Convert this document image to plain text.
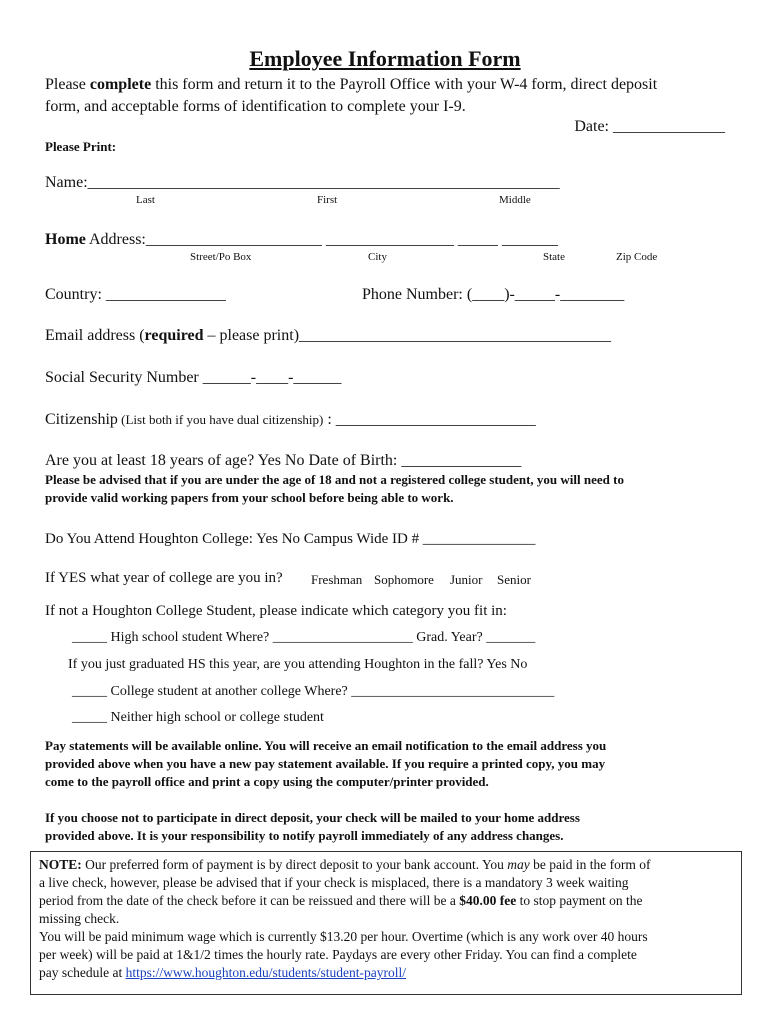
Employee Information Form
Please complete this form and return it to the Payroll Office with your W-4 form, direct deposit
form, and acceptable forms of identification to complete your I-9.
Date: ______________
Please Print:
Name:___________________________________________________________
Last	First	Middle
Home Address:______________________ ________________ _____ _______
Street/Po Box	City	State	Zip Code
Country: _______________	Phone Number: (____)-_____-________
Email address (required – please print)_______________________________________
Social Security Number ______-____-______
Citizenship (List both if you have dual citizenship) : _________________________
Are you at least 18 years of age? Yes No Date of Birth: _______________
Please be advised that if you are under the age of 18 and not a registered college student, you will need to
provide valid working papers from your school before being able to work.
Do You Attend Houghton College: Yes No Campus Wide ID # _______________
If YES what year of college are you in? Freshman Sophomore Junior Senior
If not a Houghton College Student, please indicate which category you fit in:
_____ High school student Where? ____________________ Grad. Year? _______
If you just graduated HS this year, are you attending Houghton in the fall? Yes No
_____ College student at another college Where? _____________________________
_____ Neither high school or college student
Pay statements will be available online. You will receive an email notification to the email address you
provided above when you have a new pay statement available. If you require a printed copy, you may
come to the payroll office and print a copy using the computer/printer provided.
If you choose not to participate in direct deposit, your check will be mailed to your home address
provided above. It is your responsibility to notify payroll immediately of any address changes.
NOTE: Our preferred form of payment is by direct deposit to your bank account. You may be paid in the form of
a live check, however, please be advised that if your check is misplaced, there is a mandatory 3 week waiting
period from the date of the check before it can be reissued and there will be a $40.00 fee to stop payment on the
missing check.
You will be paid minimum wage which is currently $13.20 per hour. Overtime (which is any work over 40 hours
per week) will be paid at 1&1/2 times the hourly rate. Paydays are every other Friday. You can find a complete
pay schedule at https://www.houghton.edu/students/student-payroll/
